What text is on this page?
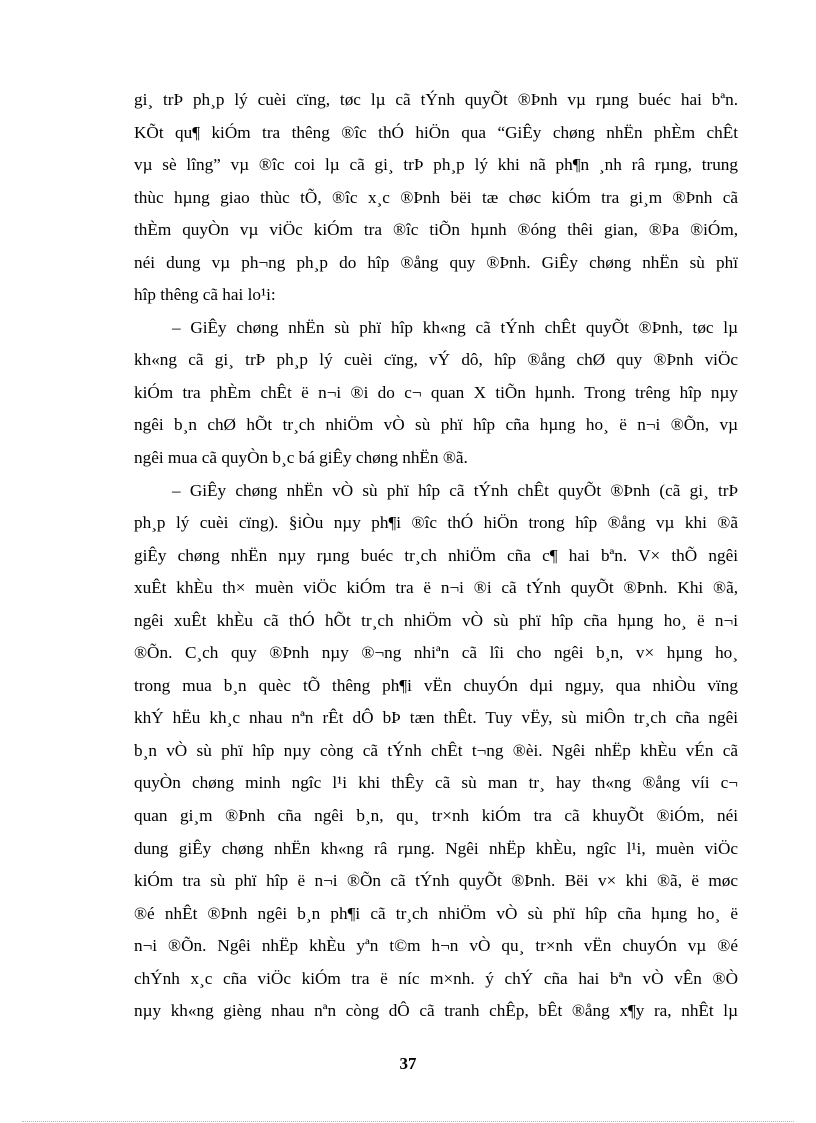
gi¸ trÞ ph¸p lý cuèi cïng, tøc lµ cã tÝnh quyÕt ®Þnh vµ rµng buéc hai bªn.
KÕt qu¶ kiÓm tra thêng ®îc thÓ hiÖn qua “GiÊy chøng nhËn phÈm chÊt
vµ sè lîng” vµ ®îc coi lµ cã gi¸ trÞ ph¸p lý khi nã ph¶n ¸nh râ rµng, trung
thùc hµng giao thùc tÕ, ®îc x¸c ®Þnh bëi tæ chøc kiÓm tra gi¸m ®Þnh cã
thÈm quyÒn vµ viÖc kiÓm tra ®îc tiÕn hµnh ®óng thêi gian, ®Þa ®iÓm,
néi dung vµ ph¬ng ph¸p do hîp ®ång quy ®Þnh. GiÊy chøng nhËn sù phï
hîp thêng cã hai lo¹i:

– GiÊy chøng nhËn sù phï hîp kh«ng cã tÝnh chÊt quyÕt ®Þnh, tøc lµ
kh«ng cã gi¸ trÞ ph¸p lý cuèi cïng, vÝ dô, hîp ®ång chØ quy ®Þnh viÖc
kiÓm tra phÈm chÊt ë n¬i ®i do c¬ quan X tiÕn hµnh. Trong trêng hîp nµy
ngêi b¸n chØ hÕt tr¸ch nhiÖm vÒ sù phï hîp cña hµng ho¸ ë n¬i ®Õn, vµ
ngêi mua cã quyÒn b¸c bá giÊy chøng nhËn ®ã.

– GiÊy chøng nhËn vÒ sù phï hîp cã tÝnh chÊt quyÕt ®Þnh (cã gi¸ trÞ
ph¸p lý cuèi cïng). §iÒu nµy ph¶i ®îc thÓ hiÖn trong hîp ®ång vµ khi ®ã
giÊy chøng nhËn nµy rµng buéc tr¸ch nhiÖm cña c¶ hai bªn. V× thÕ ngêi
xuÊt khÈu th× muèn viÖc kiÓm tra ë n¬i ®i cã tÝnh quyÕt ®Þnh. Khi ®ã,
ngêi xuÊt khÈu cã thÓ hÕt tr¸ch nhiÖm vÒ sù phï hîp cña hµng ho¸ ë n¬i
®Õn. C¸ch quy ®Þnh nµy ®¬ng nhiªn cã lîi cho ngêi b¸n, v× hµng ho¸
trong mua b¸n quèc tÕ thêng ph¶i vËn chuyÓn dµi ngµy, qua nhiÒu vïng
khÝ hËu kh¸c nhau nªn rÊt dÔ bÞ tæn thÊt. Tuy vËy, sù miÔn tr¸ch cña ngêi
b¸n vÒ sù phï hîp nµy còng cã tÝnh chÊt t¬ng ®èi. Ngêi nhËp khÈu vÉn cã
quyÒn chøng minh ngîc l¹i khi thÊy cã sù man tr¸ hay th«ng ®ång víi c¬
quan gi¸m ®Þnh cña ngêi b¸n, qu¸ tr×nh kiÓm tra cã khuyÕt ®iÓm, néi
dung giÊy chøng nhËn kh«ng râ rµng. Ngêi nhËp khÈu, ngîc l¹i, muèn viÖc
kiÓm tra sù phï hîp ë n¬i ®Õn cã tÝnh quyÕt ®Þnh. Bëi v× khi ®ã, ë møc
®é nhÊt ®Þnh ngêi b¸n ph¶i cã tr¸ch nhiÖm vÒ sù phï hîp cña hµng ho¸ ë
n¬i ®Õn. Ngêi nhËp khÈu yªn t©m h¬n vÒ qu¸ tr×nh vËn chuyÓn vµ ®é
chÝnh x¸c cña viÖc kiÓm tra ë níc m×nh. ý chÝ cña hai bªn vÒ vÊn ®Ò
nµy kh«ng gièng nhau nªn còng dÔ cã tranh chÊp, bÊt ®ång x¶y ra, nhÊt lµ

37
